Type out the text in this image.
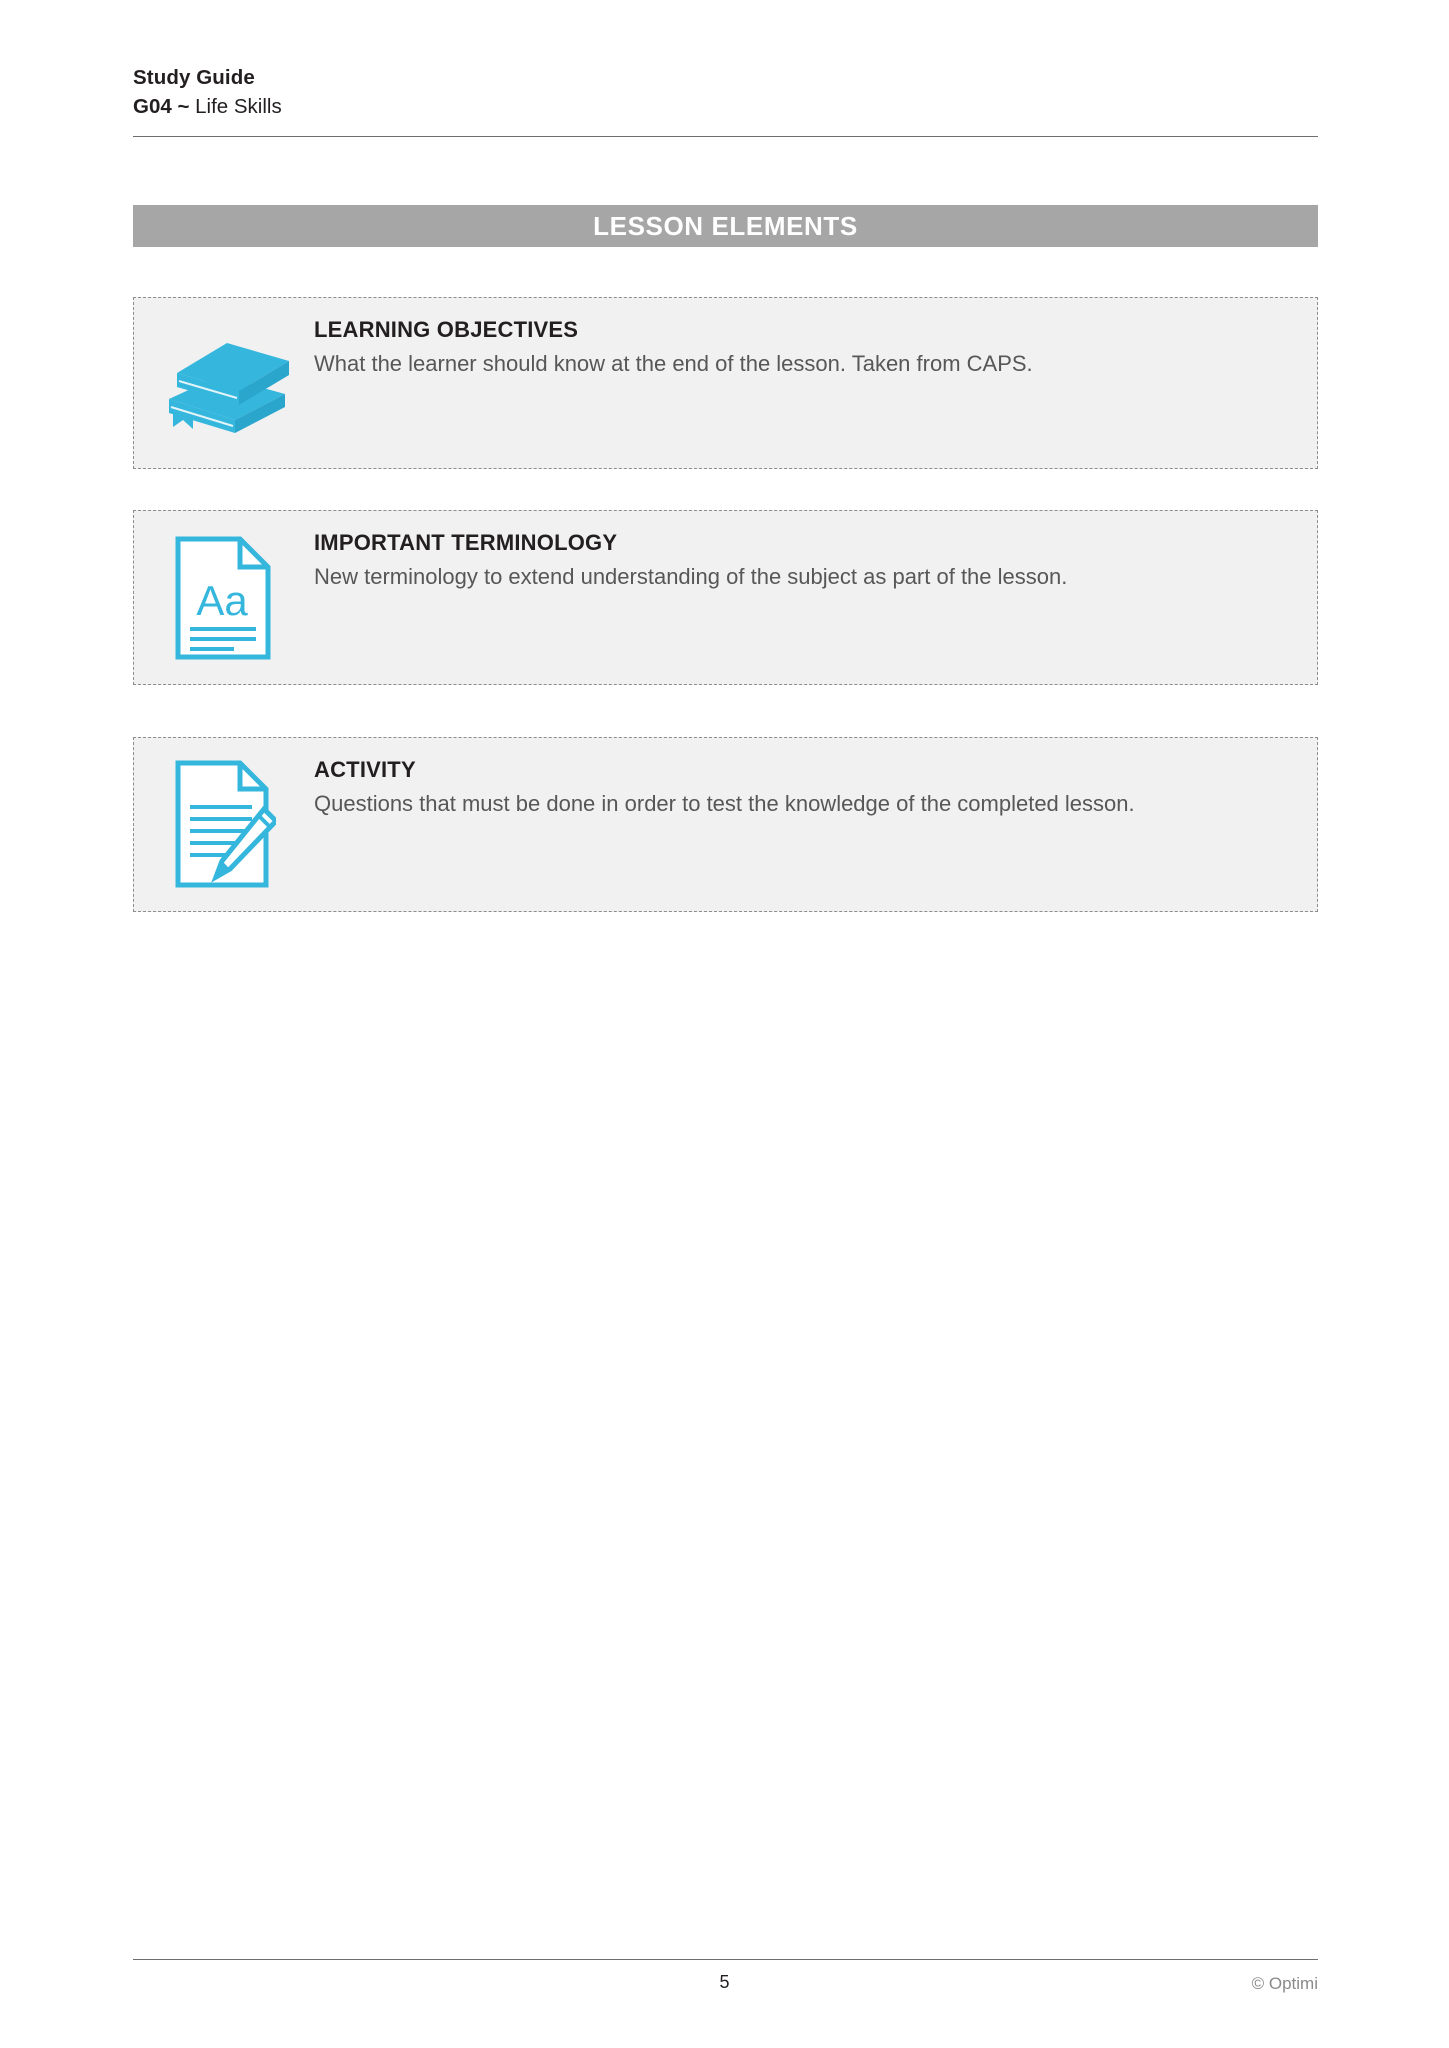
Study Guide
G04 ~ Life Skills
LESSON ELEMENTS
LEARNING OBJECTIVES
What the learner should know at the end of the lesson. Taken from CAPS.
Aa
IMPORTANT TERMINOLOGY
New terminology to extend understanding of the subject as part of the lesson.
ACTIVITY
Questions that must be done in order to test the knowledge of the completed lesson.
5	© Optimi
